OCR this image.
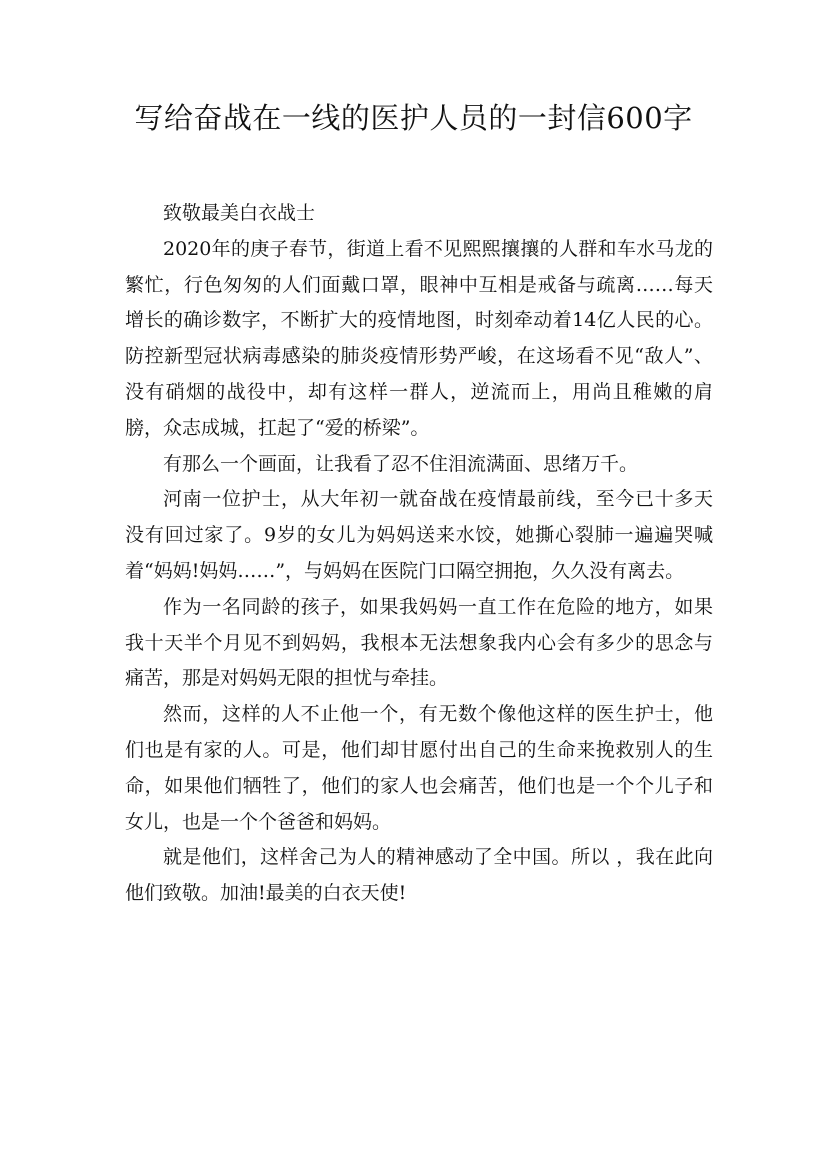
写给奋战在一线的医护人员的一封信600字

致敬最美白衣战士

2020年的庚子春节，街道上看不见熙熙攘攘的人群和车水马龙的繁忙，行色匆匆的人们面戴口罩，眼神中互相是戒备与疏离……每天增长的确诊数字，不断扩大的疫情地图，时刻牵动着14亿人民的心。防控新型冠状病毒感染的肺炎疫情形势严峻，在这场看不见“敌人”、没有硝烟的战役中，却有这样一群人，逆流而上，用尚且稚嫩的肩膀，众志成城，扛起了“爱的桥梁”。

有那么一个画面，让我看了忍不住泪流满面、思绪万千。

河南一位护士，从大年初一就奋战在疫情最前线，至今已十多天没有回过家了。9岁的女儿为妈妈送来水饺，她撕心裂肺一遍遍哭喊着“妈妈!妈妈……”，与妈妈在医院门口隔空拥抱，久久没有离去。

作为一名同龄的孩子，如果我妈妈一直工作在危险的地方，如果我十天半个月见不到妈妈，我根本无法想象我内心会有多少的思念与痛苦，那是对妈妈无限的担忧与牵挂。

然而，这样的人不止他一个，有无数个像他这样的医生护士，他们也是有家的人。可是，他们却甘愿付出自己的生命来挽救别人的生命，如果他们牺牲了，他们的家人也会痛苦，他们也是一个个儿子和女儿，也是一个个爸爸和妈妈。

就是他们，这样舍己为人的精神感动了全中国。所以 ，我在此向他们致敬。加油!最美的白衣天使!
